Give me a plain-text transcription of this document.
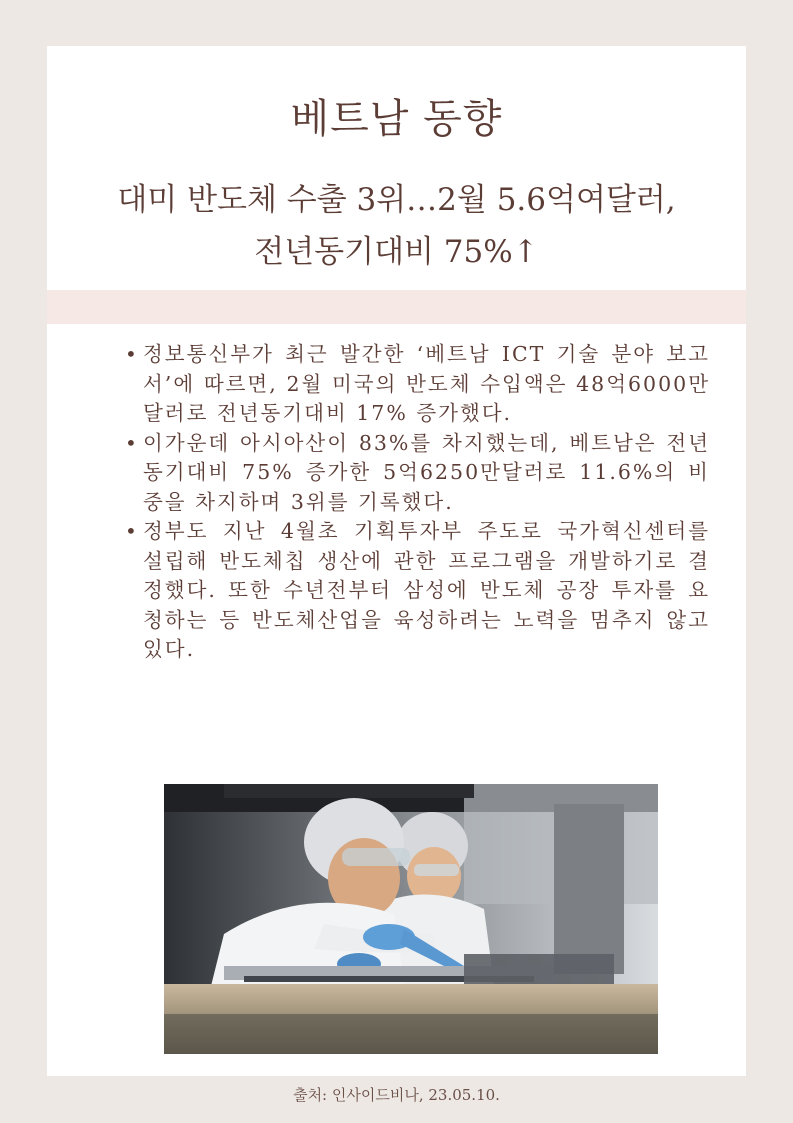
베트남 동향
대미 반도체 수출 3위…2월 5.6억여달러,
전년동기대비 75%↑
• 정보통신부가 최근 발간한 ‘베트남 ICT 기술 분야 보고서’에 따르면, 2월 미국의 반도체 수입액은 48억6000만달러로 전년동기대비 17% 증가했다.
• 이가운데 아시아산이 83%를 차지했는데, 베트남은 전년동기대비 75% 증가한 5억6250만달러로 11.6%의 비중을 차지하며 3위를 기록했다.
• 정부도 지난 4월초 기획투자부 주도로 국가혁신센터를 설립해 반도체칩 생산에 관한 프로그램을 개발하기로 결정했다. 또한 수년전부터 삼성에 반도체 공장 투자를 요청하는 등 반도체산업을 육성하려는 노력을 멈추지 않고 있다.
출처: 인사이드비나, 23.05.10.
